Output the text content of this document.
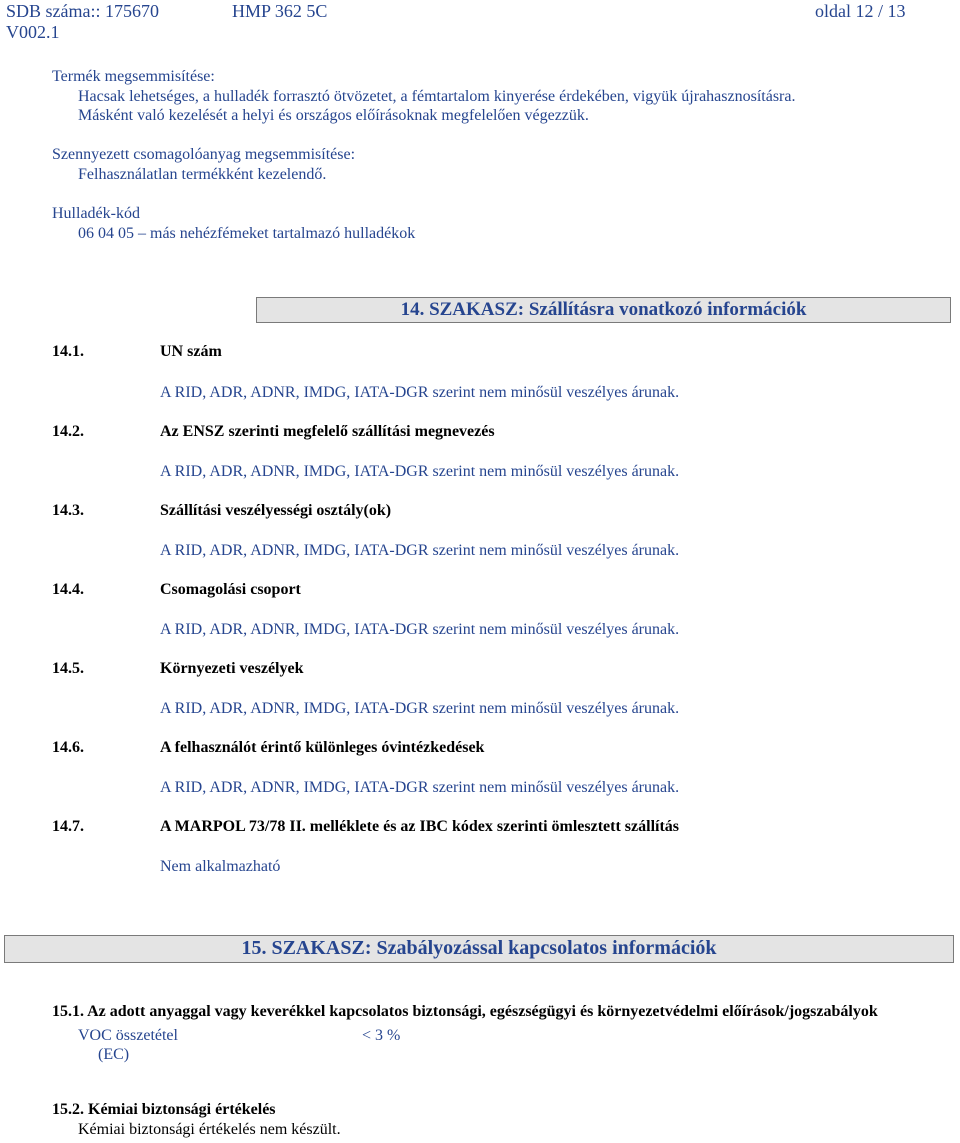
SDB száma:: 175670
V002.1
HMP 362 5C	oldal 12 / 13
Termék megsemmisítése:
Hacsak lehetséges, a hulladék forrasztó ötvözetet, a fémtartalom kinyerése érdekében, vigyük újrahasznosításra.
Másként való kezelését a helyi és országos előírásoknak megfelelően végezzük.
Szennyezett csomagolóanyag megsemmisítése:
Felhasználatlan termékként kezelendő.
Hulladék-kód
06 04 05 – más nehézfémeket tartalmazó hulladékok
14. SZAKASZ: Szállításra vonatkozó információk
14.1.	UN szám
A RID, ADR, ADNR, IMDG, IATA-DGR szerint nem minősül veszélyes árunak.
14.2.	Az ENSZ szerinti megfelelő szállítási megnevezés
A RID, ADR, ADNR, IMDG, IATA-DGR szerint nem minősül veszélyes árunak.
14.3.	Szállítási veszélyességi osztály(ok)
A RID, ADR, ADNR, IMDG, IATA-DGR szerint nem minősül veszélyes árunak.
14.4.	Csomagolási csoport
A RID, ADR, ADNR, IMDG, IATA-DGR szerint nem minősül veszélyes árunak.
14.5.	Környezeti veszélyek
A RID, ADR, ADNR, IMDG, IATA-DGR szerint nem minősül veszélyes árunak.
14.6.	A felhasználót érintő különleges óvintézkedések
A RID, ADR, ADNR, IMDG, IATA-DGR szerint nem minősül veszélyes árunak.
14.7.	A MARPOL 73/78 II. melléklete és az IBC kódex szerinti ömlesztett szállítás
Nem alkalmazható
15. SZAKASZ: Szabályozással kapcsolatos információk
15.1. Az adott anyaggal vagy keverékkel kapcsolatos biztonsági, egészségügyi és környezetvédelmi előírások/jogszabályok
VOC összetétel
(EC)
< 3 %
15.2. Kémiai biztonsági értékelés
Kémiai biztonsági értékelés nem készült.
